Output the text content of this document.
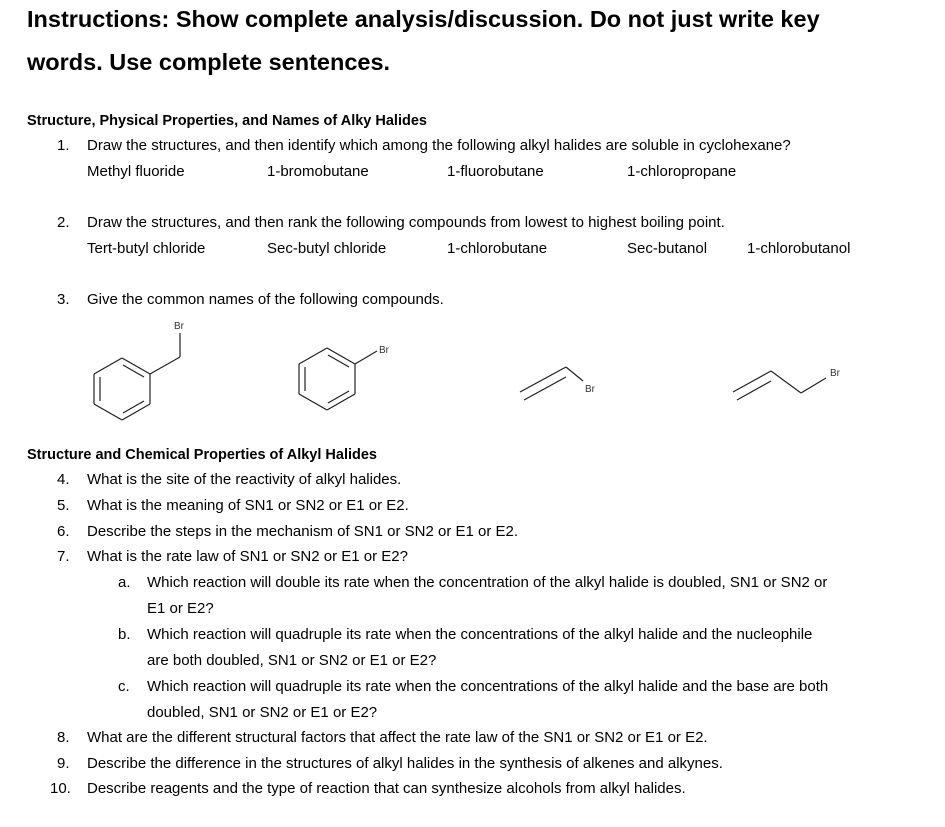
Instructions: Show complete analysis/discussion. Do not just write key
words. Use complete sentences.
Structure, Physical Properties, and Names of Alky Halides
1. Draw the structures, and then identify which among the following alkyl halides are soluble in cyclohexane?
Methyl fluoride	1-bromobutane	1-fluorobutane	1-chloropropane
2. Draw the structures, and then rank the following compounds from lowest to highest boiling point.
Tert-butyl chloride	Sec-butyl chloride	1-chlorobutane	Sec-butanol	1-chlorobutanol
3. Give the common names of the following compounds.
Br
Br
Br
Br
Structure and Chemical Properties of Alkyl Halides
4. What is the site of the reactivity of alkyl halides.
5. What is the meaning of SN1 or SN2 or E1 or E2.
6. Describe the steps in the mechanism of SN1 or SN2 or E1 or E2.
7. What is the rate law of SN1 or SN2 or E1 or E2?
a. Which reaction will double its rate when the concentration of the alkyl halide is doubled, SN1 or SN2 or
E1 or E2?
b. Which reaction will quadruple its rate when the concentrations of the alkyl halide and the nucleophile
are both doubled, SN1 or SN2 or E1 or E2?
c. Which reaction will quadruple its rate when the concentrations of the alkyl halide and the base are both
doubled, SN1 or SN2 or E1 or E2?
8. What are the different structural factors that affect the rate law of the SN1 or SN2 or E1 or E2.
9. Describe the difference in the structures of alkyl halides in the synthesis of alkenes and alkynes.
10. Describe reagents and the type of reaction that can synthesize alcohols from alkyl halides.
